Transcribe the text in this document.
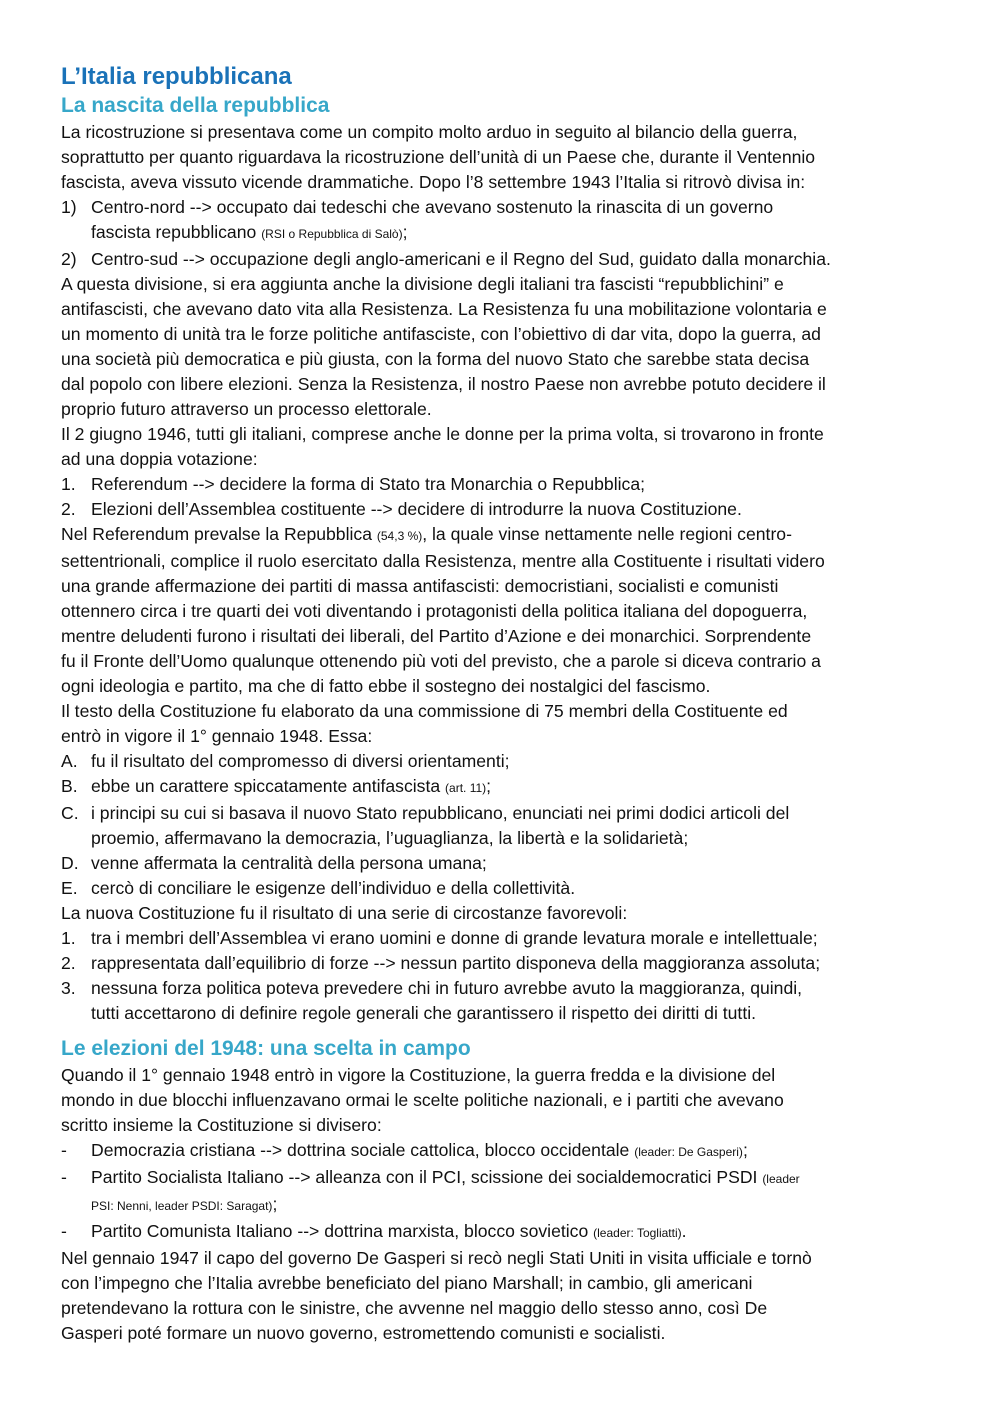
L’Italia repubblicana
La nascita della repubblica
La ricostruzione si presentava come un compito molto arduo in seguito al bilancio della guerra,
soprattutto per quanto riguardava la ricostruzione dell’unità di un Paese che, durante il Ventennio
fascista, aveva vissuto vicende drammatiche. Dopo l’8 settembre 1943 l’Italia si ritrovò divisa in:
1) Centro-nord --> occupato dai tedeschi che avevano sostenuto la rinascita di un governo
fascista repubblicano (RSI o Repubblica di Salò);
2) Centro-sud --> occupazione degli anglo-americani e il Regno del Sud, guidato dalla monarchia.
A questa divisione, si era aggiunta anche la divisione degli italiani tra fascisti “repubblichini” e
antifascisti, che avevano dato vita alla Resistenza. La Resistenza fu una mobilitazione volontaria e
un momento di unità tra le forze politiche antifasciste, con l’obiettivo di dar vita, dopo la guerra, ad
una società più democratica e più giusta, con la forma del nuovo Stato che sarebbe stata decisa
dal popolo con libere elezioni. Senza la Resistenza, il nostro Paese non avrebbe potuto decidere il
proprio futuro attraverso un processo elettorale.
Il 2 giugno 1946, tutti gli italiani, comprese anche le donne per la prima volta, si trovarono in fronte
ad una doppia votazione:
1. Referendum --> decidere la forma di Stato tra Monarchia o Repubblica;
2. Elezioni dell’Assemblea costituente --> decidere di introdurre la nuova Costituzione.
Nel Referendum prevalse la Repubblica (54,3 %), la quale vinse nettamente nelle regioni centro-
settentrionali, complice il ruolo esercitato dalla Resistenza, mentre alla Costituente i risultati videro
una grande affermazione dei partiti di massa antifascisti: democristiani, socialisti e comunisti
ottennero circa i tre quarti dei voti diventando i protagonisti della politica italiana del dopoguerra,
mentre deludenti furono i risultati dei liberali, del Partito d’Azione e dei monarchici. Sorprendente
fu il Fronte dell’Uomo qualunque ottenendo più voti del previsto, che a parole si diceva contrario a
ogni ideologia e partito, ma che di fatto ebbe il sostegno dei nostalgici del fascismo.
Il testo della Costituzione fu elaborato da una commissione di 75 membri della Costituente ed
entrò in vigore il 1° gennaio 1948. Essa:
A. fu il risultato del compromesso di diversi orientamenti;
B. ebbe un carattere spiccatamente antifascista (art. 11);
C. i principi su cui si basava il nuovo Stato repubblicano, enunciati nei primi dodici articoli del
proemio, affermavano la democrazia, l’uguaglianza, la libertà e la solidarietà;
D. venne affermata la centralità della persona umana;
E. cercò di conciliare le esigenze dell’individuo e della collettività.
La nuova Costituzione fu il risultato di una serie di circostanze favorevoli:
1. tra i membri dell’Assemblea vi erano uomini e donne di grande levatura morale e intellettuale;
2. rappresentata dall’equilibrio di forze --> nessun partito disponeva della maggioranza assoluta;
3. nessuna forza politica poteva prevedere chi in futuro avrebbe avuto la maggioranza, quindi,
tutti accettarono di definire regole generali che garantissero il rispetto dei diritti di tutti.
Le elezioni del 1948: una scelta in campo
Quando il 1° gennaio 1948 entrò in vigore la Costituzione, la guerra fredda e la divisione del
mondo in due blocchi influenzavano ormai le scelte politiche nazionali, e i partiti che avevano
scritto insieme la Costituzione si divisero:
-	Democrazia cristiana --> dottrina sociale cattolica, blocco occidentale (leader: De Gasperi);
-	Partito Socialista Italiano --> alleanza con il PCI, scissione dei socialdemocratici PSDI (leader
PSI: Nenni, leader PSDI: Saragat);
-	Partito Comunista Italiano --> dottrina marxista, blocco sovietico (leader: Togliatti).
Nel gennaio 1947 il capo del governo De Gasperi si recò negli Stati Uniti in visita ufficiale e tornò
con l’impegno che l’Italia avrebbe beneficiato del piano Marshall; in cambio, gli americani
pretendevano la rottura con le sinistre, che avvenne nel maggio dello stesso anno, così De
Gasperi poté formare un nuovo governo, estromettendo comunisti e socialisti.
